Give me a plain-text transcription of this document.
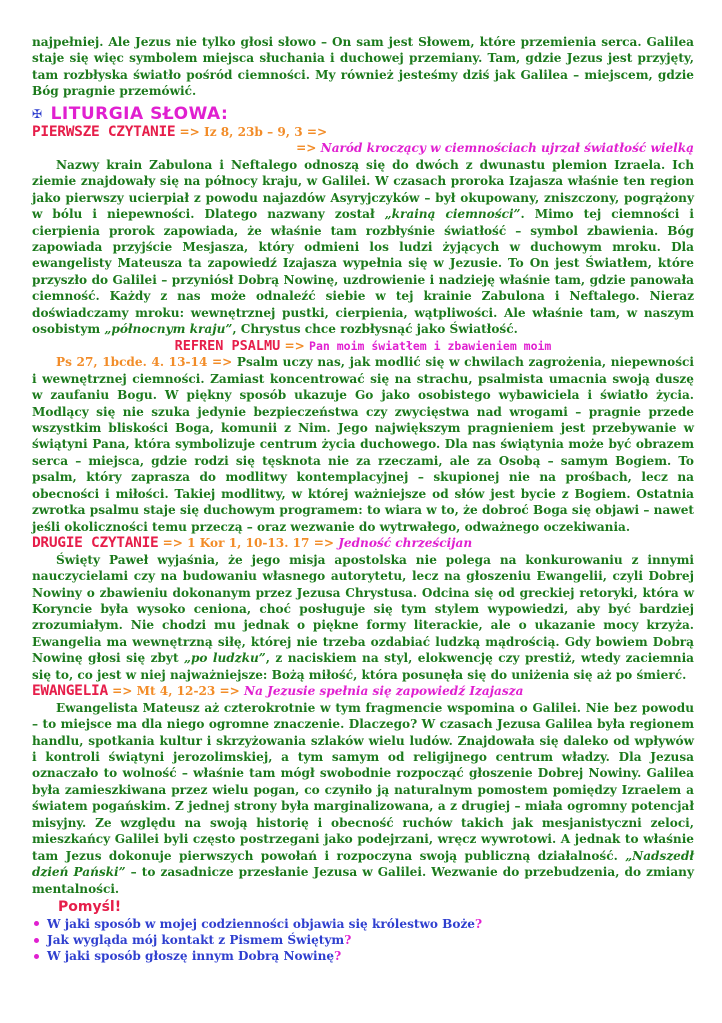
najpełniej. Ale Jezus nie tylko głosi słowo – On sam jest Słowem, które przemienia serca. Galilea staje się więc symbolem miejsca słuchania i duchowej przemiany. Tam, gdzie Jezus jest przyjęty, tam rozbłyska światło pośród ciemności. My również jesteśmy dziś jak Galilea – miejscem, gdzie Bóg pragnie przemówić.

✠ LITURGIA SŁOWA:
PIERWSZE CZYTANIE => Iz 8, 23b – 9, 3 =>
=> Naród kroczący w ciemnościach ujrzał światłość wielką

Nazwy krain Zabulona i Neftalego odnoszą się do dwóch z dwunastu plemion Izraela. Ich ziemie znajdowały się na północy kraju, w Galilei. W czasach proroka Izajasza właśnie ten region jako pierwszy ucierpiał z powodu najazdów Asyryjczyków – był okupowany, zniszczony, pogrążony w bólu i niepewności. Dlatego nazwany został „krainą ciemności”. Mimo tej ciemności i cierpienia prorok zapowiada, że właśnie tam rozbłyśnie światłość – symbol zbawienia. Bóg zapowiada przyjście Mesjasza, który odmieni los ludzi żyjących w duchowym mroku. Dla ewangelisty Mateusza ta zapowiedź Izajasza wypełnia się w Jezusie. To On jest Światłem, które przyszło do Galilei – przyniósł Dobrą Nowinę, uzdrowienie i nadzieję właśnie tam, gdzie panowała ciemność. Każdy z nas może odnaleźć siebie w tej krainie Zabulona i Neftalego. Nieraz doświadczamy mroku: wewnętrznej pustki, cierpienia, wątpliwości. Ale właśnie tam, w naszym osobistym „północnym kraju”, Chrystus chce rozbłysnąć jako Światłość.

REFREN PSALMU => Pan moim światłem i zbawieniem moim

Ps 27, 1bcde. 4. 13-14 => Psalm uczy nas, jak modlić się w chwilach zagrożenia, niepewności i wewnętrznej ciemności. Zamiast koncentrować się na strachu, psalmista umacnia swoją duszę w zaufaniu Bogu. W piękny sposób ukazuje Go jako osobistego wybawiciela i światło życia. Modlący się nie szuka jedynie bezpieczeństwa czy zwycięstwa nad wrogami – pragnie przede wszystkim bliskości Boga, komunii z Nim. Jego największym pragnieniem jest przebywanie w świątyni Pana, która symbolizuje centrum życia duchowego. Dla nas świątynia może być obrazem serca – miejsca, gdzie rodzi się tęsknota nie za rzeczami, ale za Osobą – samym Bogiem. To psalm, który zaprasza do modlitwy kontemplacyjnej – skupionej nie na prośbach, lecz na obecności i miłości. Takiej modlitwy, w której ważniejsze od słów jest bycie z Bogiem. Ostatnia zwrotka psalmu staje się duchowym programem: to wiara w to, że dobroć Boga się objawi – nawet jeśli okoliczności temu przeczą – oraz wezwanie do wytrwałego, odważnego oczekiwania.

DRUGIE CZYTANIE => 1 Kor 1, 10-13. 17 => Jedność chrześcijan

Święty Paweł wyjaśnia, że jego misja apostolska nie polega na konkurowaniu z innymi nauczycielami czy na budowaniu własnego autorytetu, lecz na głoszeniu Ewangelii, czyli Dobrej Nowiny o zbawieniu dokonanym przez Jezusa Chrystusa. Odcina się od greckiej retoryki, która w Koryncie była wysoko ceniona, choć posługuje się tym stylem wypowiedzi, aby być bardziej zrozumiałym. Nie chodzi mu jednak o piękne formy literackie, ale o ukazanie mocy krzyża. Ewangelia ma wewnętrzną siłę, której nie trzeba ozdabiać ludzką mądrością. Gdy bowiem Dobrą Nowinę głosi się zbyt „po ludzku”, z naciskiem na styl, elokwencję czy prestiż, wtedy zaciemnia się to, co jest w niej najważniejsze: Bożą miłość, która posunęła się do uniżenia się aż po śmierć.

EWANGELIA => Mt 4, 12-23 => Na Jezusie spełnia się zapowiedź Izajasza

Ewangelista Mateusz aż czterokrotnie w tym fragmencie wspomina o Galilei. Nie bez powodu – to miejsce ma dla niego ogromne znaczenie. Dlaczego? W czasach Jezusa Galilea była regionem handlu, spotkania kultur i skrzyżowania szlaków wielu ludów. Znajdowała się daleko od wpływów i kontroli świątyni jerozolimskiej, a tym samym od religijnego centrum władzy. Dla Jezusa oznaczało to wolność – właśnie tam mógł swobodnie rozpocząć głoszenie Dobrej Nowiny. Galilea była zamieszkiwana przez wielu pogan, co czyniło ją naturalnym pomostem pomiędzy Izraelem a światem pogańskim. Z jednej strony była marginalizowana, a z drugiej – miała ogromny potencjał misyjny. Ze względu na swoją historię i obecność ruchów takich jak mesjanistyczni zeloci, mieszkańcy Galilei byli często postrzegani jako podejrzani, wręcz wywrotowi. A jednak to właśnie tam Jezus dokonuje pierwszych powołań i rozpoczyna swoją publiczną działalność. „Nadszedł dzień Pański” – to zasadnicze przesłanie Jezusa w Galilei. Wezwanie do przebudzenia, do zmiany mentalności.

Pomyśl!
W jaki sposób w mojej codzienności objawia się królestwo Boże ?
Jak wygląda mój kontakt z Pismem Świętym ?
W jaki sposób głoszę innym Dobrą Nowinę ?
